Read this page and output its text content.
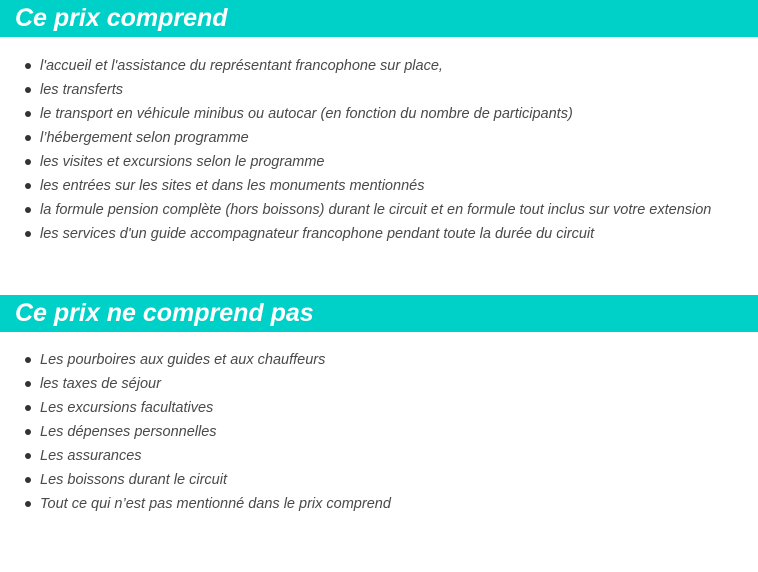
Ce prix comprend
l'accueil et l'assistance du représentant francophone sur place,
les transferts
le transport en véhicule minibus ou autocar (en fonction du nombre de participants)
l’hébergement selon programme
les visites et excursions selon le programme
les entrées sur les sites et dans les monuments mentionnés
la formule pension complète (hors boissons) durant le circuit et en formule tout inclus sur votre extension
les services d'un guide accompagnateur francophone pendant toute la durée du circuit
Ce prix ne comprend pas
Les pourboires aux guides et aux chauffeurs
les taxes de séjour
Les excursions facultatives
Les dépenses personnelles
Les assurances
Les boissons durant le circuit
Tout ce qui n’est pas mentionné dans le prix comprend
